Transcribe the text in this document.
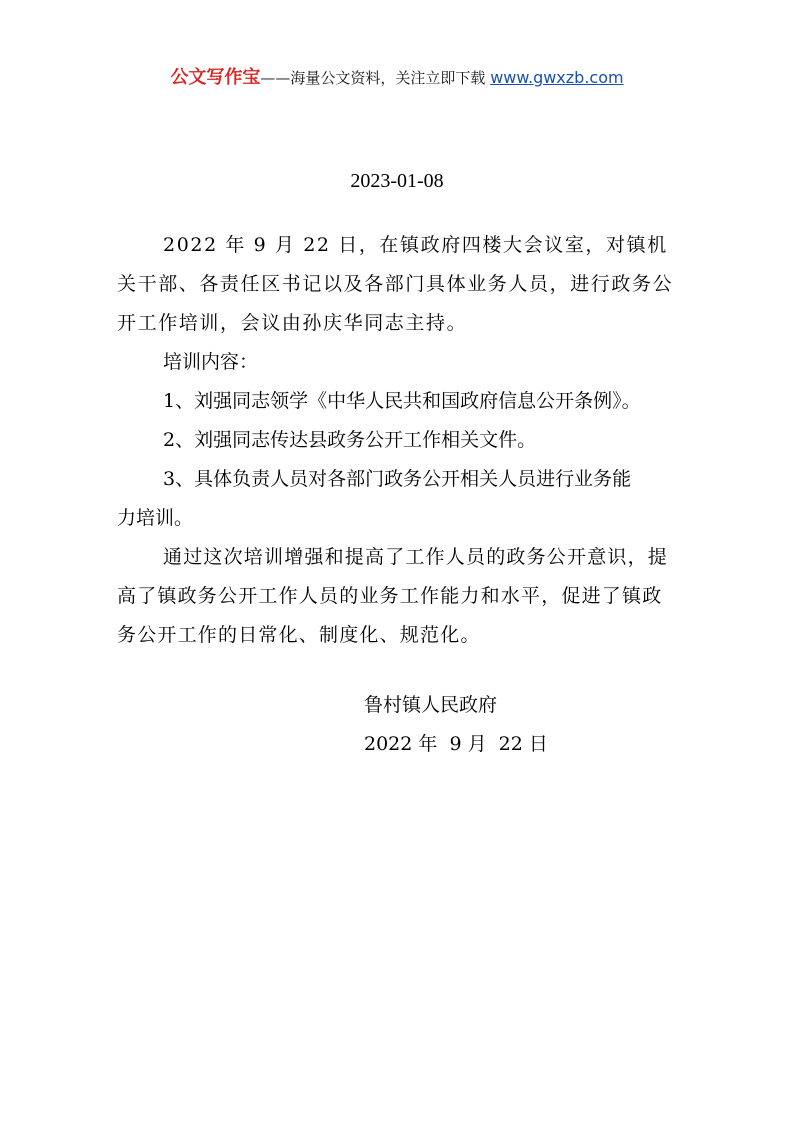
公文写作宝——海量公文资料，关注立即下载 www.gwxzb.com
2023-01-08

2022 年 9 月 22 日，在镇政府四楼大会议室，对镇机关干部、各责任区书记以及各部门具体业务人员，进行政务公开工作培训，会议由孙庆华同志主持。

培训内容：

1、刘强同志领学《中华人民共和国政府信息公开条例》。

2、刘强同志传达县政务公开工作相关文件。

3、具体负责人员对各部门政务公开相关人员进行业务能力培训。

通过这次培训增强和提高了工作人员的政务公开意识，提高了镇政务公开工作人员的业务工作能力和水平，促进了镇政务公开工作的日常化、制度化、规范化。

鲁村镇人民政府
2022 年  9 月  22 日
